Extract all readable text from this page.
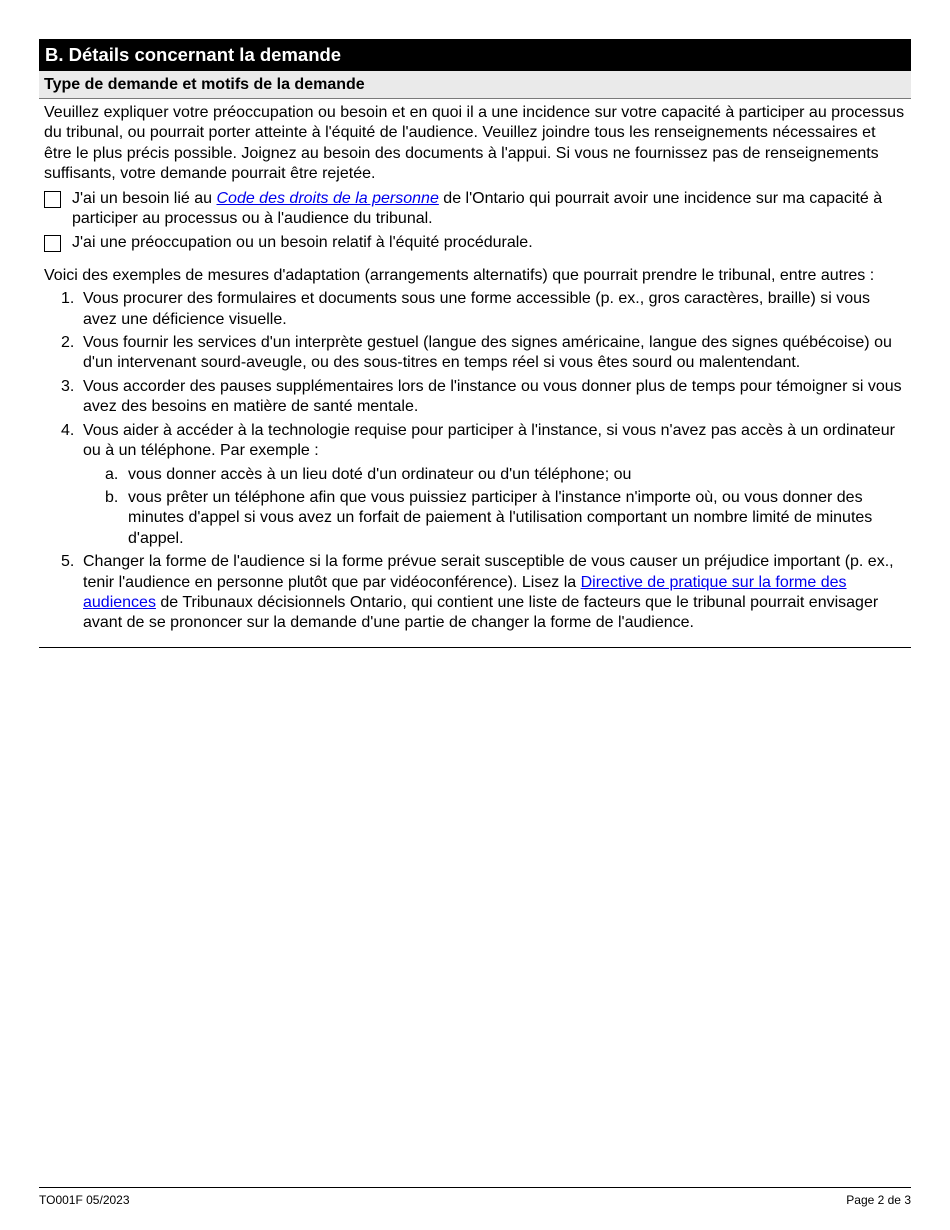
B. Détails concernant la demande
Type de demande et motifs de la demande

Veuillez expliquer votre préoccupation ou besoin et en quoi il a une incidence sur votre capacité à participer au processus du tribunal, ou pourrait porter atteinte à l'équité de l'audience. Veuillez joindre tous les renseignements nécessaires et être le plus précis possible. Joignez au besoin des documents à l'appui. Si vous ne fournissez pas de renseignements suffisants, votre demande pourrait être rejetée.

J'ai un besoin lié au Code des droits de la personne de l'Ontario qui pourrait avoir une incidence sur ma capacité à participer au processus ou à l'audience du tribunal.
J'ai une préoccupation ou un besoin relatif à l'équité procédurale.

Voici des exemples de mesures d'adaptation (arrangements alternatifs) que pourrait prendre le tribunal, entre autres :

1. Vous procurer des formulaires et documents sous une forme accessible (p. ex., gros caractères, braille) si vous avez une déficience visuelle.
2. Vous fournir les services d'un interprète gestuel (langue des signes américaine, langue des signes québécoise) ou d'un intervenant sourd-aveugle, ou des sous-titres en temps réel si vous êtes sourd ou malentendant.
3. Vous accorder des pauses supplémentaires lors de l'instance ou vous donner plus de temps pour témoigner si vous avez des besoins en matière de santé mentale.
4. Vous aider à accéder à la technologie requise pour participer à l'instance, si vous n'avez pas accès à un ordinateur ou à un téléphone. Par exemple :
a. vous donner accès à un lieu doté d'un ordinateur ou d'un téléphone; ou
b. vous prêter un téléphone afin que vous puissiez participer à l'instance n'importe où, ou vous donner des minutes d'appel si vous avez un forfait de paiement à l'utilisation comportant un nombre limité de minutes d'appel.
5. Changer la forme de l'audience si la forme prévue serait susceptible de vous causer un préjudice important (p. ex., tenir l'audience en personne plutôt que par vidéoconférence). Lisez la Directive de pratique sur la forme des audiences de Tribunaux décisionnels Ontario, qui contient une liste de facteurs que le tribunal pourrait envisager avant de se prononcer sur la demande d'une partie de changer la forme de l'audience.
TO001F 05/2023	Page 2 de 3
